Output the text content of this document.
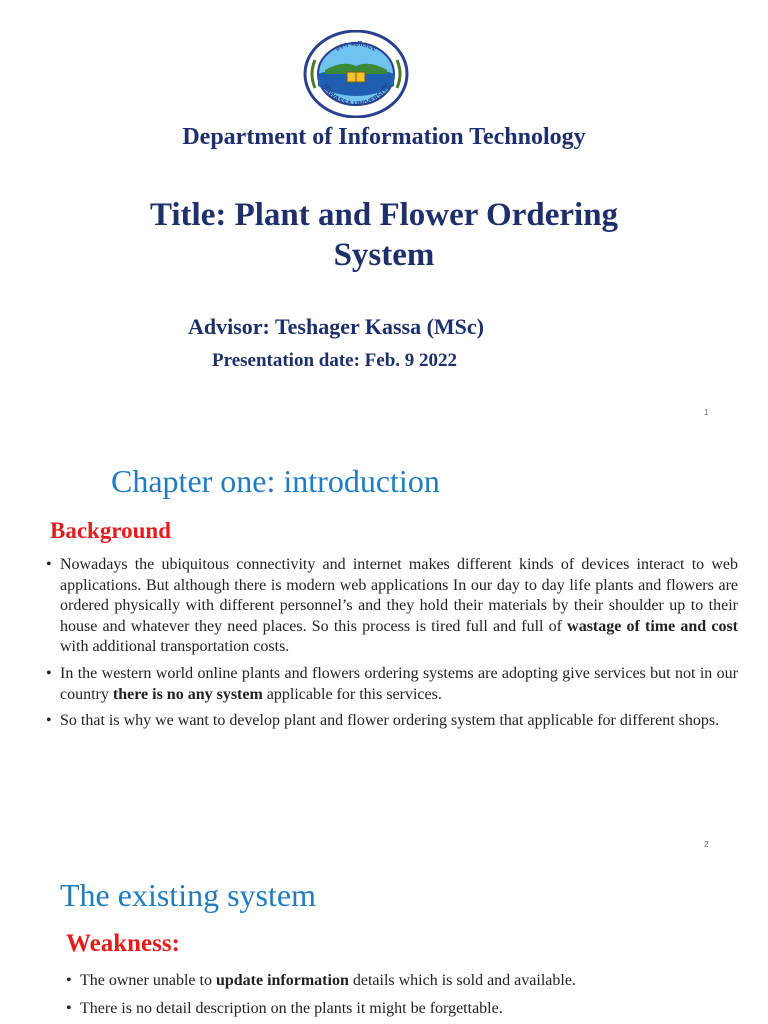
ሀዋሳ ዩኒቨርሲቲ
HAWASSA UNIVERSITY
Department of Information Technology
Title: Plant and Flower Ordering
System
Advisor: Teshager Kassa (MSc)
Presentation date: Feb. 9 2022
1
Chapter one: introduction
Background
• Nowadays the ubiquitous connectivity and internet makes different kinds of devices interact to web applications. But although there is modern web applications In our day to day life plants and flowers are ordered physically with different personnel’s and they hold their materials by their shoulder up to their house and whatever they need places. So this process is tired full and full of wastage of time and cost with additional transportation costs.
• In the western world online plants and flowers ordering systems are adopting give services but not in our country there is no any system applicable for this services.
• So that is why we want to develop plant and flower ordering system that applicable for different shops.
2
The existing system
Weakness:
• The owner unable to update information details which is sold and available.
• There is no detail description on the plants it might be forgettable.
